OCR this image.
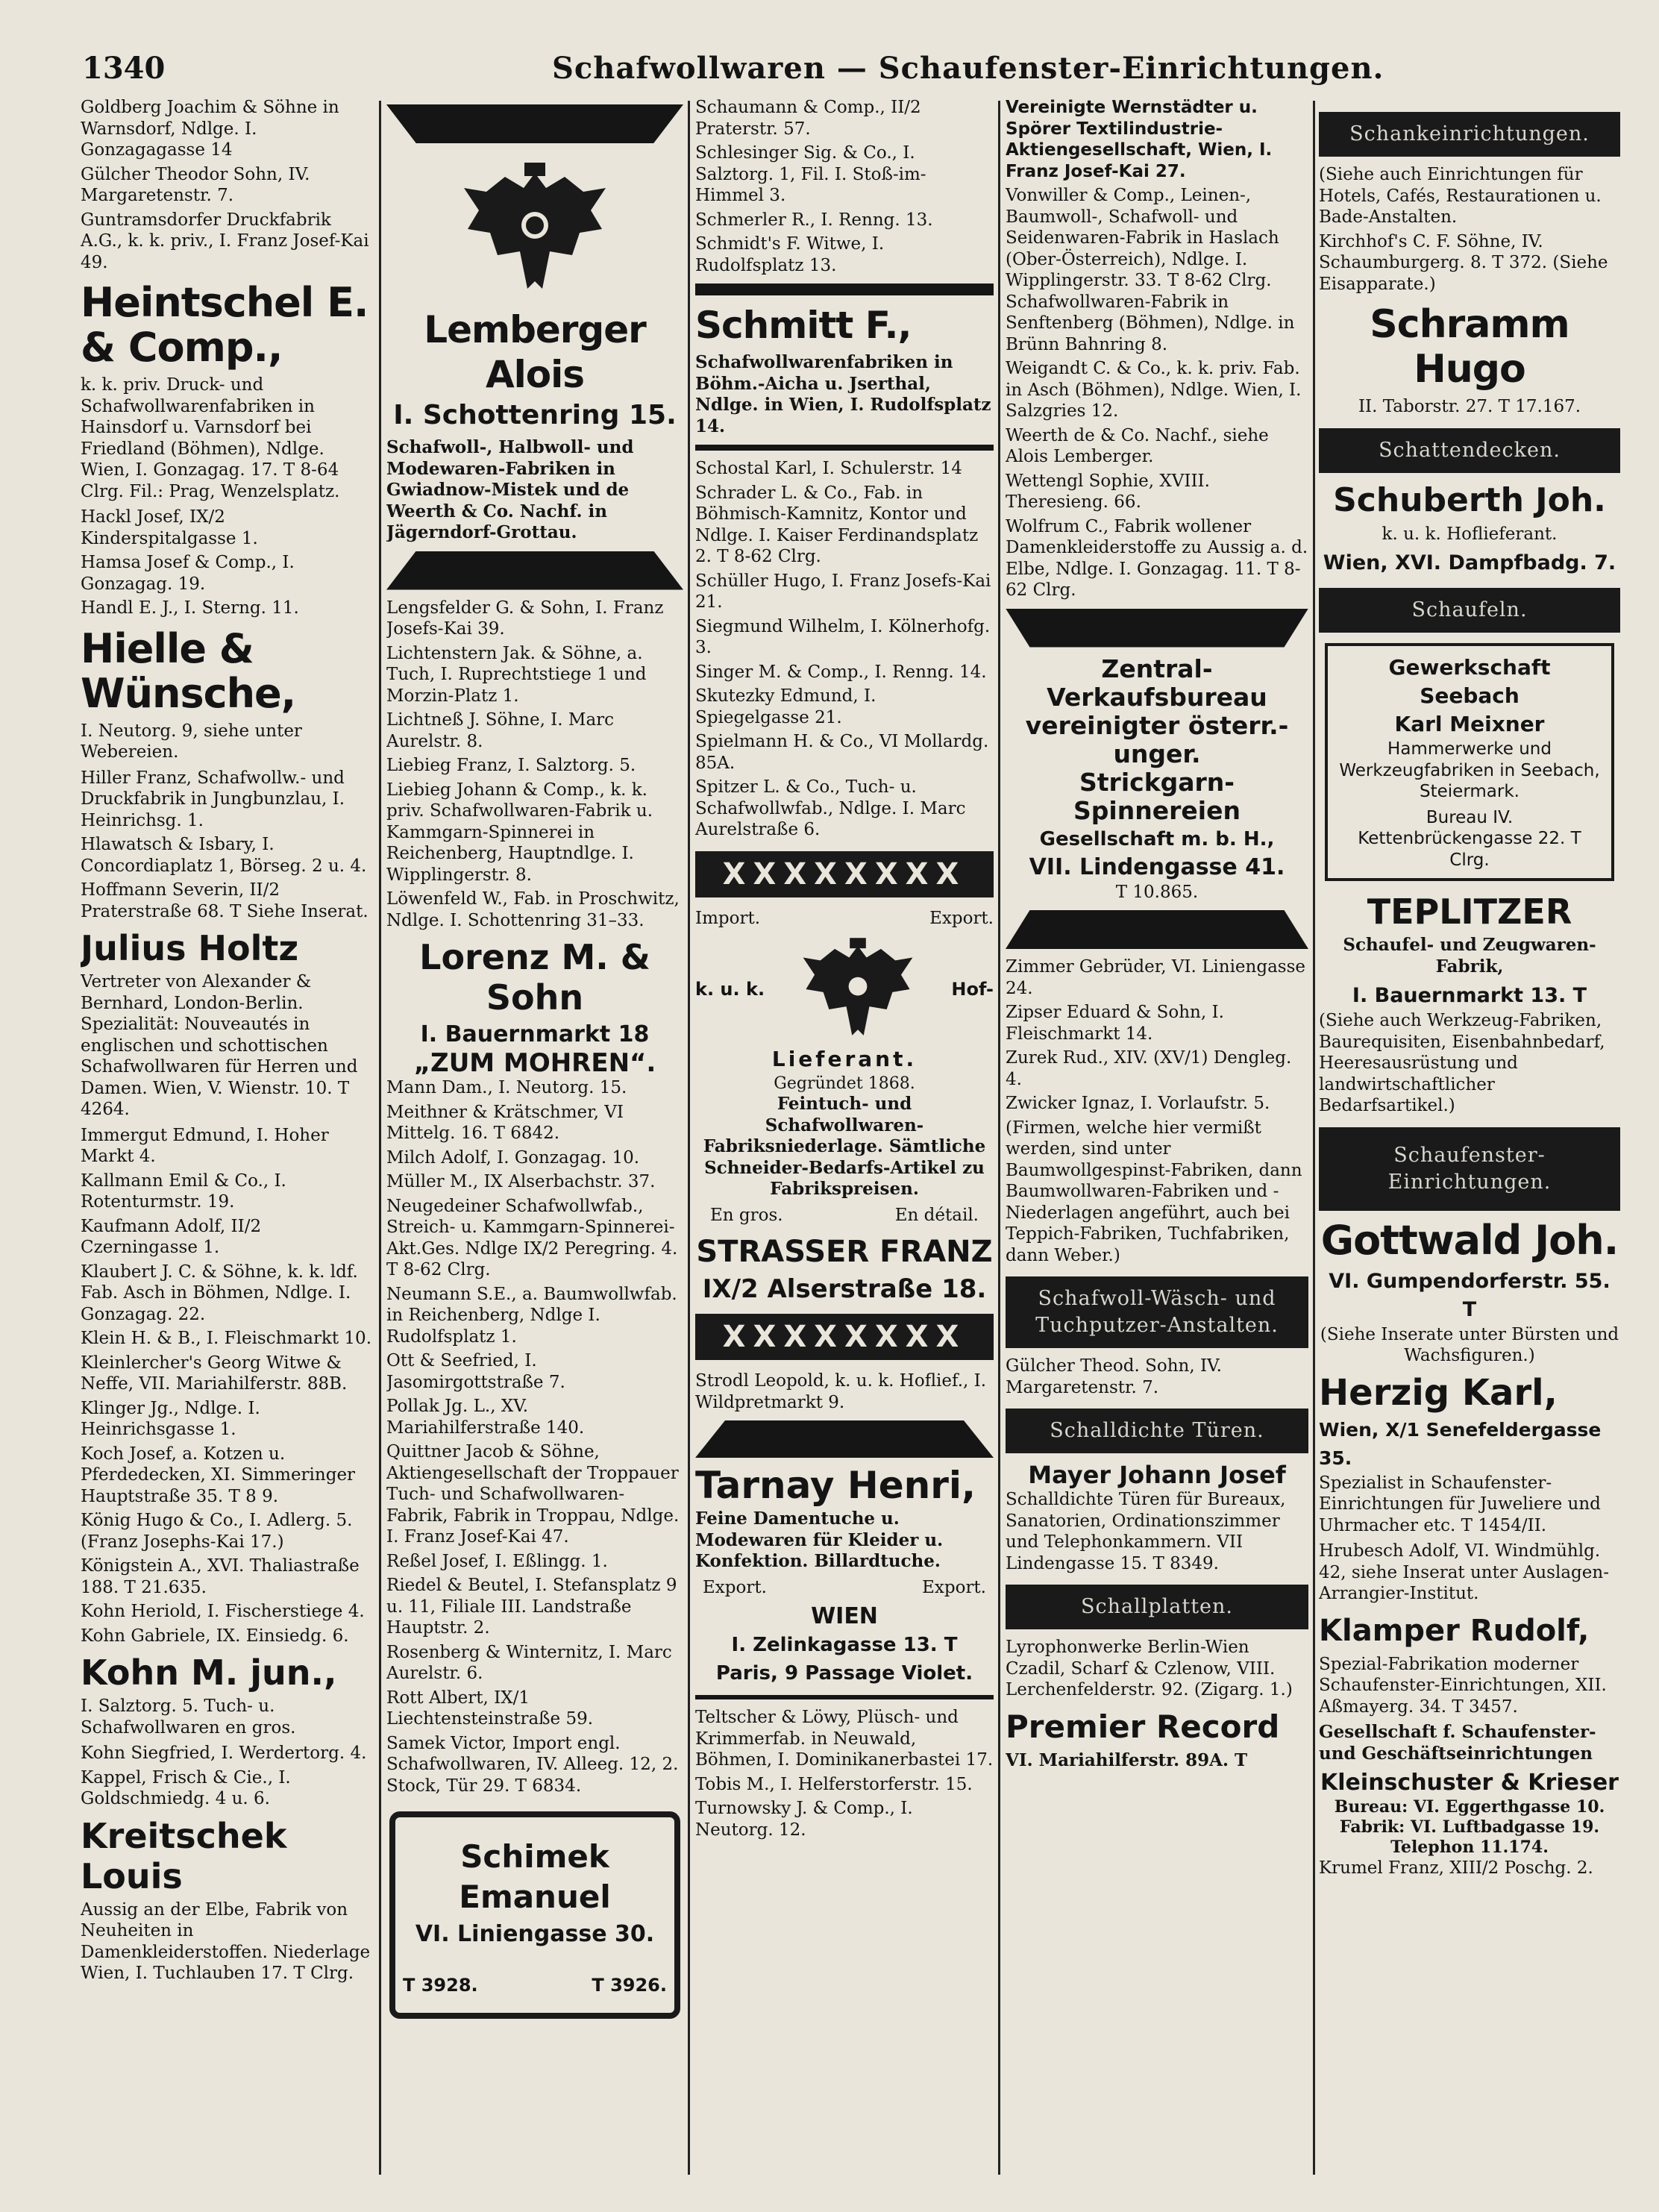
1340	Schafwollwaren — Schaufenster-Einrichtungen.

Goldberg Joachim & Söhne in Warnsdorf, Ndlge. I. Gonzagagasse 14

Gülcher Theodor Sohn, IV. Margaretenstr. 7.

Guntramsdorfer Druckfabrik A.G., k. k. priv., I. Franz Josef-Kai 49.

Heintschel E. & Comp.,

k. k. priv. Druck- und Schafwollwarenfabriken in Hainsdorf u. Varnsdorf bei Friedland (Böhmen), Ndlge. Wien, I. Gonzagag. 17. T 8-64 Clrg. Fil.: Prag, Wenzelsplatz.

Hackl Josef, IX/2 Kinderspitalgasse 1.

Hamsa Josef & Comp., I. Gonzagag. 19.

Handl E. J., I. Sterng. 11.

Hielle & Wünsche,

I. Neutorg. 9, siehe unter Webereien.

Hiller Franz, Schafwollw.- und Druckfabrik in Jungbunzlau, I. Heinrichsg. 1.

Hlawatsch & Isbary, I. Concordiaplatz 1, Börseg. 2 u. 4.

Hoffmann Severin, II/2 Praterstraße 68. T Siehe Inserat.

Julius Holtz

Vertreter von Alexander & Bernhard, London-Berlin. Spezialität: Nouveautés in englischen und schottischen Schafwollwaren für Herren und Damen. Wien, V. Wienstr. 10. T 4264.

Immergut Edmund, I. Hoher Markt 4.

Kallmann Emil & Co., I. Rotenturmstr. 19.

Kaufmann Adolf, II/2 Czerningasse 1.

Klaubert J. C. & Söhne, k. k. ldf. Fab. Asch in Böhmen, Ndlge. I. Gonzagag. 22.

Klein H. & B., I. Fleischmarkt 10.

Kleinlercher's Georg Witwe & Neffe, VII. Mariahilferstr. 88B.

Klinger Jg., Ndlge. I. Heinrichsgasse 1.

Koch Josef, a. Kotzen u. Pferdedecken, XI. Simmeringer Hauptstraße 35. T 8 9.

König Hugo & Co., I. Adlerg. 5. (Franz Josephs-Kai 17.)

Königstein A., XVI. Thaliastraße 188. T 21.635.

Kohn Heriold, I. Fischerstiege 4.

Kohn Gabriele, IX. Einsiedg. 6.

Kohn M. jun.,

I. Salztorg. 5. Tuch- u. Schafwollwaren en gros.

Kohn Siegfried, I. Werdertorg. 4.

Kappel, Frisch & Cie., I. Goldschmiedg. 4 u. 6.

Kreitschek Louis

Aussig an der Elbe, Fabrik von Neuheiten in Damenkleiderstoffen. Niederlage Wien, I. Tuchlauben 17. T Clrg.

Lemberger Alois
I. Schottenring 15.

Schafwoll-, Halbwoll- und Modewaren-Fabriken in Gwiadnow-Mistek und de Weerth & Co. Nachf. in Jägerndorf-Grottau.

Lengsfelder G. & Sohn, I. Franz Josefs-Kai 39.

Lichtenstern Jak. & Söhne, a. Tuch, I. Ruprechtstiege 1 und Morzin-Platz 1.

Lichtneß J. Söhne, I. Marc Aurelstr. 8.

Liebieg Franz, I. Salztorg. 5.

Liebieg Johann & Comp., k. k. priv. Schafwollwaren-Fabrik u. Kammgarn-Spinnerei in Reichenberg, Hauptndlge. I. Wipplingerstr. 8.

Löwenfeld W., Fab. in Proschwitz, Ndlge. I. Schottenring 31–33.

Lorenz M. & Sohn
I. Bauernmarkt 18
„ZUM MOHREN“.

Mann Dam., I. Neutorg. 15.

Meithner & Krätschmer, VI Mittelg. 16. T 6842.

Milch Adolf, I. Gonzagag. 10.

Müller M., IX Alserbachstr. 37.

Neugedeiner Schafwollwfab., Streich- u. Kammgarn-Spinnerei-Akt.Ges. Ndlge IX/2 Peregring. 4. T 8-62 Clrg.

Neumann S.E., a. Baumwollwfab. in Reichenberg, Ndlge I. Rudolfsplatz 1.

Ott & Seefried, I. Jasomirgottstraße 7.

Pollak Jg. L., XV. Mariahilferstraße 140.

Quittner Jacob & Söhne, Aktiengesellschaft der Troppauer Tuch- und Schafwollwaren-Fabrik, Fabrik in Troppau, Ndlge. I. Franz Josef-Kai 47.

Reßel Josef, I. Eßlingg. 1.

Riedel & Beutel, I. Stefansplatz 9 u. 11, Filiale III. Landstraße Hauptstr. 2.

Rosenberg & Winternitz, I. Marc Aurelstr. 6.

Rott Albert, IX/1 Liechtensteinstraße 59.

Samek Victor, Import engl. Schafwollwaren, IV. Alleeg. 12, 2. Stock, Tür 29. T 6834.

Schimek Emanuel
VI. Liniengasse 30.
T 3928.	T 3926.

Schaumann & Comp., II/2 Praterstr. 57.

Schlesinger Sig. & Co., I. Salztorg. 1, Fil. I. Stoß-im-Himmel 3.

Schmerler R., I. Renng. 13.

Schmidt's F. Witwe, I. Rudolfsplatz 13.

Schmitt F.,

Schafwollwarenfabriken in Böhm.-Aicha u. Jserthal, Ndlge. in Wien, I. Rudolfsplatz 14.

Schostal Karl, I. Schulerstr. 14

Schrader L. & Co., Fab. in Böhmisch-Kamnitz, Kontor und Ndlge. I. Kaiser Ferdinandsplatz 2. T 8-62 Clrg.

Schüller Hugo, I. Franz Josefs-Kai 21.

Siegmund Wilhelm, I. Kölnerhofg. 3.

Singer M. & Comp., I. Renng. 14.

Skutezky Edmund, I. Spiegelgasse 21.

Spielmann H. & Co., VI Mollardg. 85A.

Spitzer L. & Co., Tuch- u. Schafwollwfab., Ndlge. I. Marc Aurelstraße 6.

XXXXXXXX
Import.	Export.
k. u. k.	Hof-
Lieferant.
Gegründet 1868.

Feintuch- und Schafwollwaren-Fabriksniederlage. Sämtliche Schneider-Bedarfs-Artikel zu Fabrikspreisen.

En gros.	En détail.
STRASSER FRANZ
IX/2 Alserstraße 18.
XXXXXXXX

Strodl Leopold, k. u. k. Hoflief., I. Wildpretmarkt 9.

Tarnay Henri,

Feine Damentuche u. Modewaren für Kleider u. Konfektion. Billardtuche.

Export.	Export.
WIEN
I. Zelinkagasse 13. T
Paris, 9 Passage Violet.

Teltscher & Löwy, Plüsch- und Krimmerfab. in Neuwald, Böhmen, I. Dominikanerbastei 17.

Tobis M., I. Helferstorferstr. 15.

Turnowsky J. & Comp., I. Neutorg. 12.

Vereinigte Wernstädter u. Spörer Textilindustrie-Aktiengesellschaft, Wien, I. Franz Josef-Kai 27.

Vonwiller & Comp., Leinen-, Baumwoll-, Schafwoll- und Seidenwaren-Fabrik in Haslach (Ober-Österreich), Ndlge. I. Wipplingerstr. 33. T 8-62 Clrg. Schafwollwaren-Fabrik in Senftenberg (Böhmen), Ndlge. in Brünn Bahnring 8.

Weigandt C. & Co., k. k. priv. Fab. in Asch (Böhmen), Ndlge. Wien, I. Salzgries 12.

Weerth de & Co. Nachf., siehe Alois Lemberger.

Wettengl Sophie, XVIII. Theresieng. 66.

Wolfrum C., Fabrik wollener Damenkleiderstoffe zu Aussig a. d. Elbe, Ndlge. I. Gonzagag. 11. T 8-62 Clrg.

Zentral-Verkaufsbureau
vereinigter österr.-unger.
Strickgarn-Spinnereien
Gesellschaft m. b. H.,
VII. Lindengasse 41.
T 10.865.

Zimmer Gebrüder, VI. Liniengasse 24.

Zipser Eduard & Sohn, I. Fleischmarkt 14.

Zurek Rud., XIV. (XV/1) Dengleg. 4.

Zwicker Ignaz, I. Vorlaufstr. 5.

(Firmen, welche hier vermißt werden, sind unter Baumwollgespinst-Fabriken, dann Baumwollwaren-Fabriken und -Niederlagen angeführt, auch bei Teppich-Fabriken, Tuchfabriken, dann Weber.)

Schafwoll-Wäsch- und Tuchputzer-Anstalten.

Gülcher Theod. Sohn, IV. Margaretenstr. 7.

Schalldichte Türen.
Mayer Johann Josef

Schalldichte Türen für Bureaux, Sanatorien, Ordinationszimmer und Telephonkammern. VII Lindengasse 15. T 8349.

Schallplatten.

Lyrophonwerke Berlin-Wien Czadil, Scharf & Czlenow, VIII. Lerchenfelderstr. 92. (Zigarg. 1.)

Premier Record
VI. Mariahilferstr. 89A. T
Schankeinrichtungen.

(Siehe auch Einrichtungen für Hotels, Cafés, Restaurationen u. Bade-Anstalten.

Kirchhof's C. F. Söhne, IV. Schaumburgerg. 8. T 372. (Siehe Eisapparate.)

Schramm Hugo
II. Taborstr. 27. T 17.167.
Schattendecken.
Schuberth Joh.
k. u. k. Hoflieferant.
Wien, XVI. Dampfbadg. 7.
Schaufeln.
Gewerkschaft Seebach
Karl Meixner

Hammerwerke und Werkzeugfabriken in Seebach, Steiermark.

Bureau IV. Kettenbrückengasse 22. T Clrg.

TEPLITZER
Schaufel- und Zeugwaren-Fabrik,
I. Bauernmarkt 13. T

(Siehe auch Werkzeug-Fabriken, Baurequisiten, Eisenbahnbedarf, Heeresausrüstung und landwirtschaftlicher Bedarfsartikel.)

Schaufenster-Einrichtungen.
Gottwald Joh.
VI. Gumpendorferstr. 55. T

(Siehe Inserate unter Bürsten und Wachsfiguren.)

Herzig Karl,
Wien, X/1 Senefeldergasse 35.

Spezialist in Schaufenster-Einrichtungen für Juweliere und Uhrmacher etc. T 1454/II.

Hrubesch Adolf, VI. Windmühlg. 42, siehe Inserat unter Auslagen-Arrangier-Institut.

Klamper Rudolf,

Spezial-Fabrikation moderner Schaufenster-Einrichtungen, XII. Aßmayerg. 34. T 3457.

Gesellschaft f. Schaufenster- und Geschäftseinrichtungen
Kleinschuster & Krieser
Bureau: VI. Eggerthgasse 10.
Fabrik: VI. Luftbadgasse 19.
Telephon 11.174.

Krumel Franz, XIII/2 Poschg. 2.
